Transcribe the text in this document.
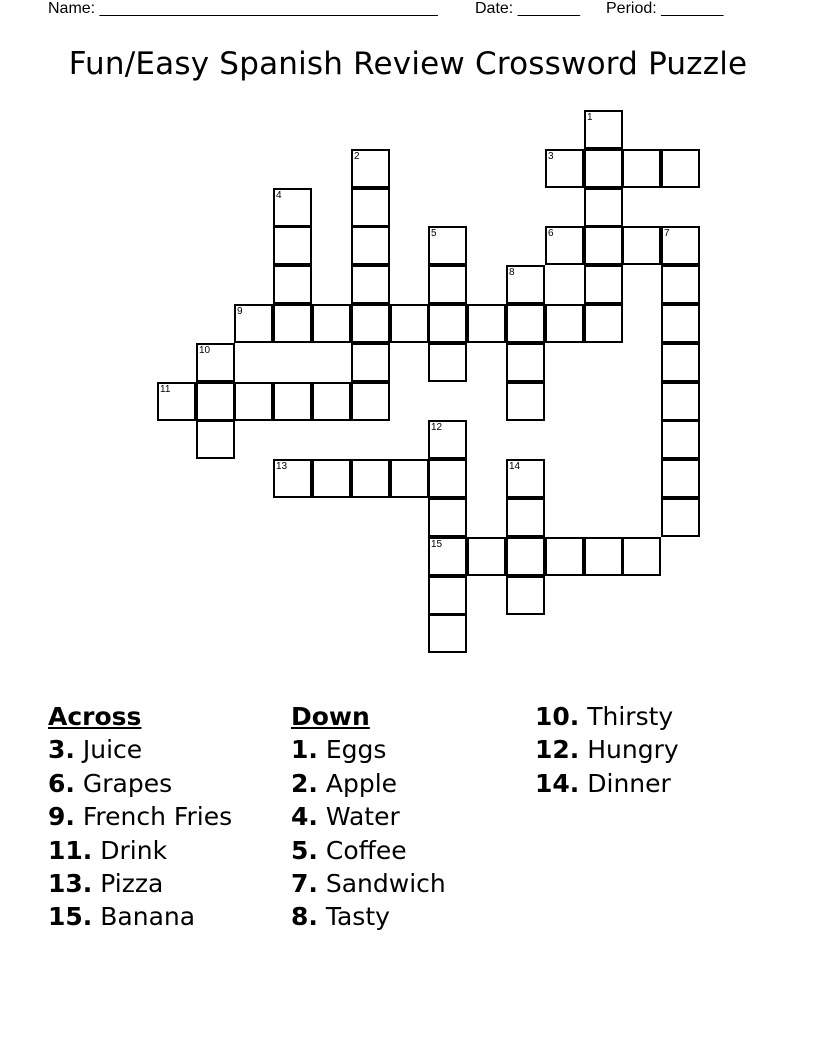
Name: ______________________________________

Date: _______

Period: _______

Fun/Easy Spanish Review Crossword Puzzle
1
2	3
4
5	6	7
8
9
10
11
12
15
13	14
Across
3. Juice
6. Grapes
9. French Fries
11. Drink
13. Pizza
15. Banana
Down
1. Eggs
2. Apple
4. Water
5. Coffee
7. Sandwich
8. Tasty
10. Thirsty
12. Hungry
14. Dinner
